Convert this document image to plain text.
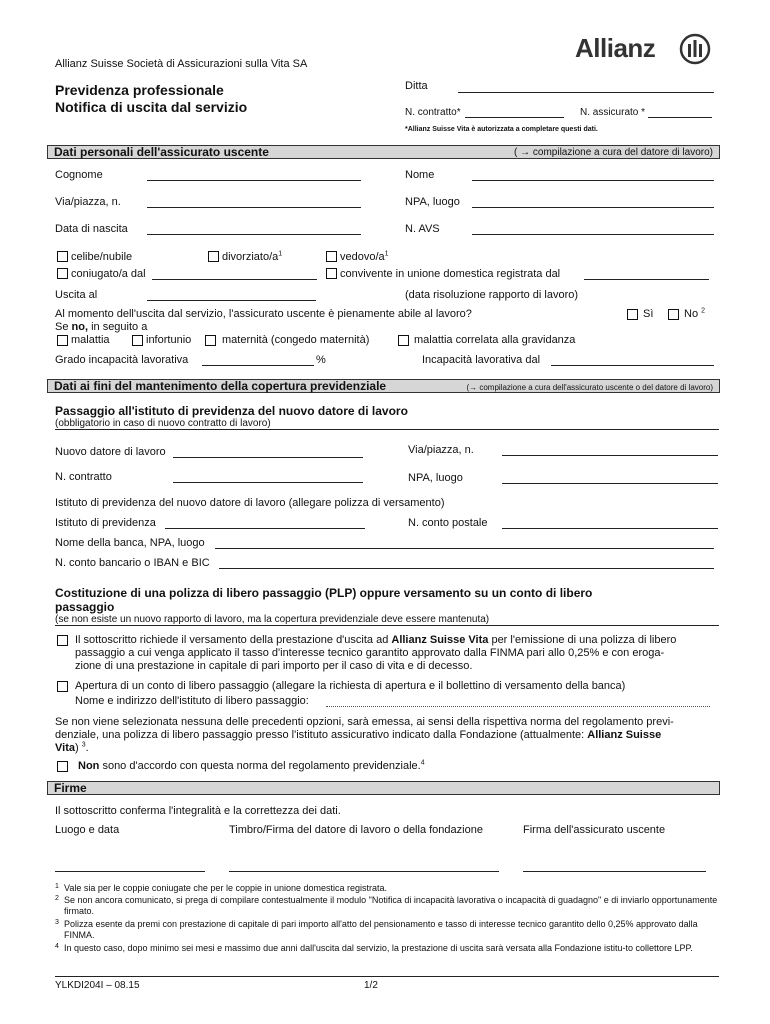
Allianz Suisse Società di Assicurazioni sulla Vita SA
Allianz
Previdenza professionale
Notifica di uscita dal servizio
Ditta
N. contratto*	N. assicurato *
*Allianz Suisse Vita è autorizzata a completare questi dati.
Dati personali dell'assicurato uscente	( → compilazione a cura del datore di lavoro)
Cognome	Nome
Via/piazza, n.	NPA, luogo
Data di nascita	N. AVS
celibe/nubile	divorziato/$a^1$	vedovo/$a^1$
coniugato/a dal	convivente in unione domestica registrata dal
Uscita al	(data risoluzione rapporto di lavoro)
Al momento dell'uscita dal servizio, l'assicurato uscente è pienamente abile al lavoro?	Sì	No $^2$
Se no, in seguito a
malattia	infortunio	maternità (congedo maternità)	malattia correlata alla gravidanza
Grado incapacità lavorativa	%	Incapacità lavorativa dal
Dati ai fini del mantenimento della copertura previdenziale	(→ compilazione a cura dell'assicurato uscente o del datore di lavoro)
Passaggio all'istituto di previdenza del nuovo datore di lavoro
(obbligatorio in caso di nuovo contratto di lavoro)
Nuovo datore di lavoro	Via/piazza, n.
N. contratto	NPA, luogo
Istituto di previdenza del nuovo datore di lavoro (allegare polizza di versamento)
Istituto di previdenza	N. conto postale
Nome della banca, NPA, luogo
N. conto bancario o IBAN e BIC
Costituzione di una polizza di libero passaggio (PLP) oppure versamento su un conto di libero
passaggio
(se non esiste un nuovo rapporto di lavoro, ma la copertura previdenziale deve essere mantenuta)
Il sottoscritto richiede il versamento della prestazione d'uscita ad Allianz Suisse Vita per l'emissione di una polizza di libero
passaggio a cui venga applicato il tasso d'interesse tecnico garantito approvato dalla FINMA pari allo 0,25% e con eroga-
zione di una prestazione in capitale di pari importo per il caso di vita e di decesso.
Apertura di un conto di libero passaggio (allegare la richiesta di apertura e il bollettino di versamento della banca)
Nome e indirizzo dell'istituto di libero passaggio:
Se non viene selezionata nessuna delle precedenti opzioni, sarà emessa, ai sensi della rispettiva norma del regolamento previ-
denziale, una polizza di libero passaggio presso l'istituto assicurativo indicato dalla Fondazione (attualmente: Allianz Suisse
Vita) $^3$.
Non sono d'accordo con questa norma del regolamento previdenziale.$^4$
Firme
Il sottoscritto conferma l'integralità e la correttezza dei dati.
Luogo e data	Timbro/Firma del datore di lavoro o della fondazione	Firma dell'assicurato uscente
1 Vale sia per le coppie coniugate che per le coppie in unione domestica registrata.
2 Se non ancora comunicato, si prega di compilare contestualmente il modulo "Notifica di incapacità lavorativa o incapacità di guadagno" e di inviarlo opportunamente firmato.
3 Polizza esente da premi con prestazione di capitale di pari importo all'atto del pensionamento e tasso di interesse tecnico garantito dello 0,25% approvato dalla FINMA.
4 In questo caso, dopo minimo sei mesi e massimo due anni dall'uscita dal servizio, la prestazione di uscita sarà versata alla Fondazione istitu-to collettore LPP.
YLKDI204I – 08.15	1/2
